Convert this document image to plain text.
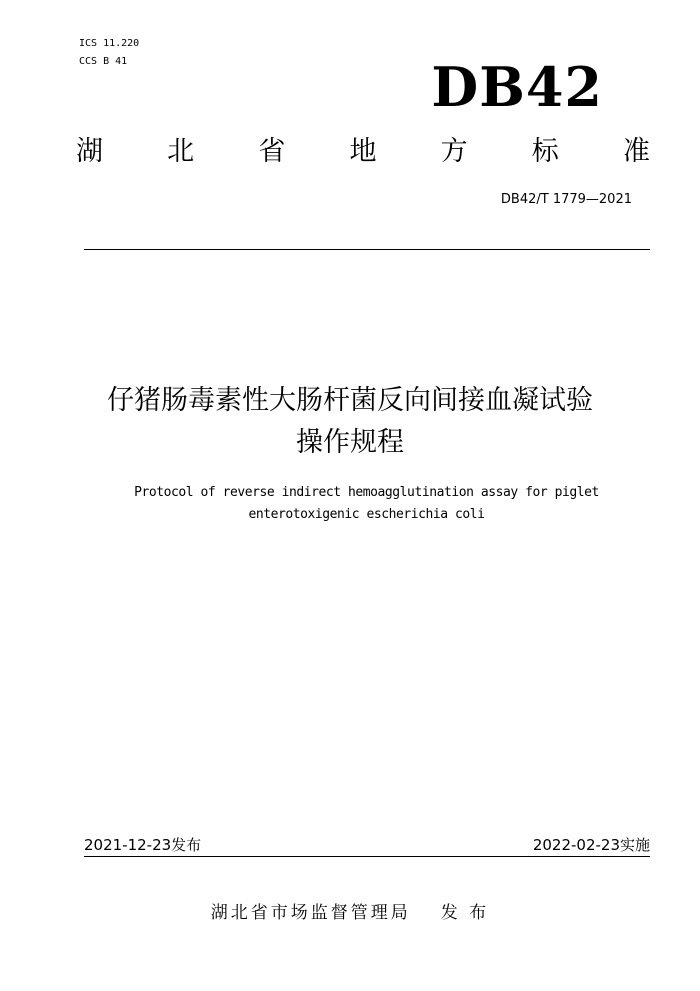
ICS 11.220
CCS B 41	DB42
湖 北 省 地 方 标 准
DB42/T 1779—2021
仔猪肠毒素性大肠杆菌反向间接血凝试验
操作规程
Protocol of reverse indirect hemoagglutination assay for piglet
enterotoxigenic escherichia coli
2021-12-23发布	2022-02-23实施
湖北省市场监督管理局 发 布
